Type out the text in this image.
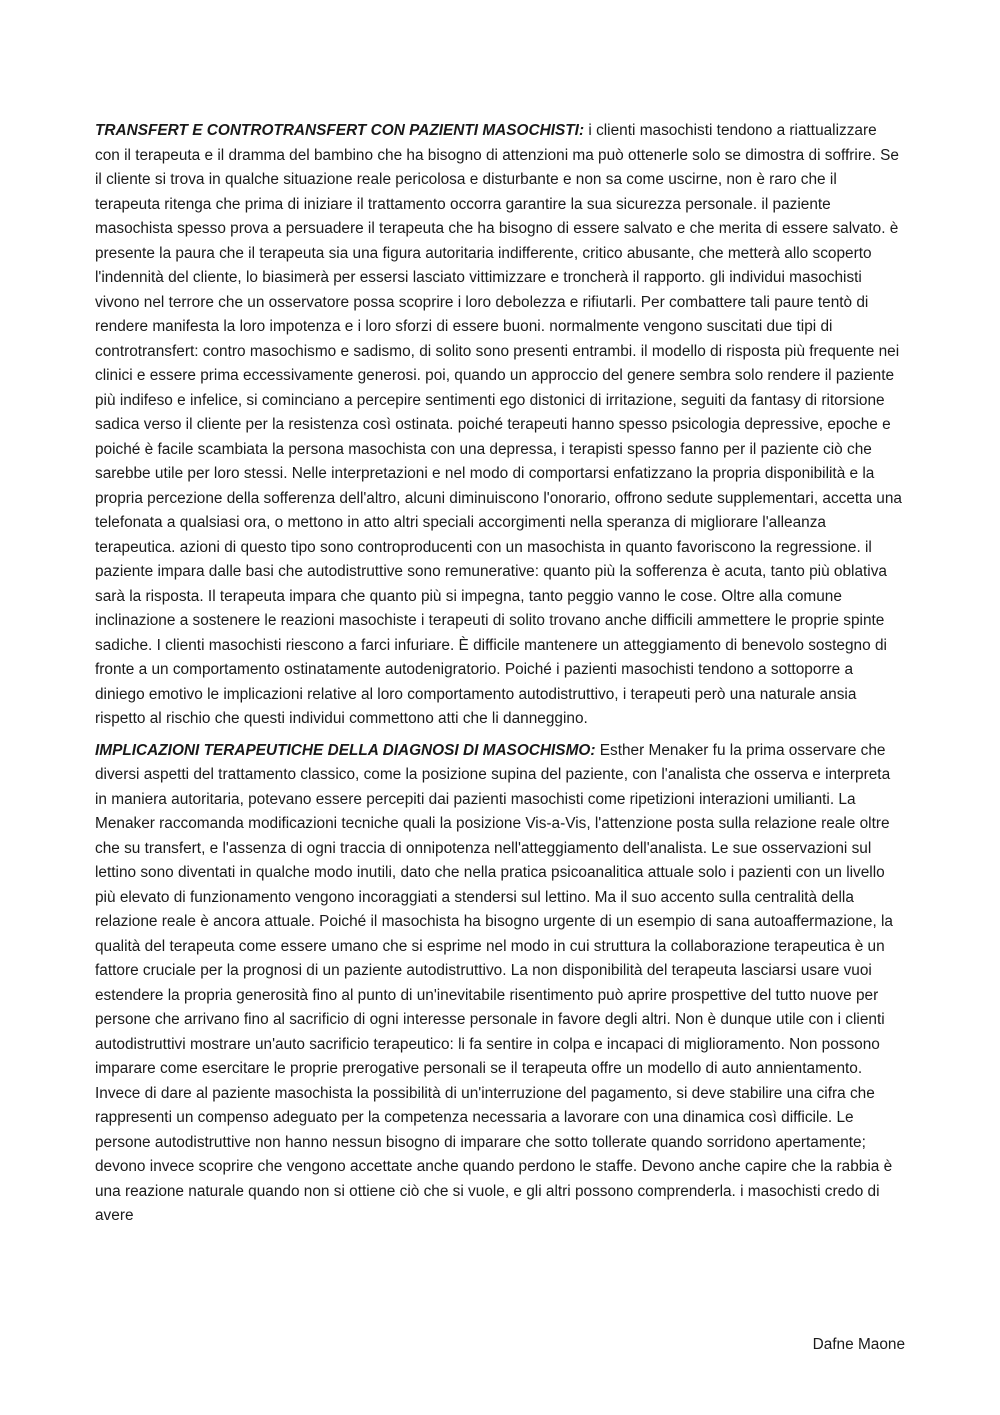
TRANSFERT E CONTROTRANSFERT CON PAZIENTI MASOCHISTI: i clienti masochisti tendono a riattualizzare con il terapeuta e il dramma del bambino che ha bisogno di attenzioni ma può ottenerle solo se dimostra di soffrire. Se il cliente si trova in qualche situazione reale pericolosa e disturbante e non sa come uscirne, non è raro che il terapeuta ritenga che prima di iniziare il trattamento occorra garantire la sua sicurezza personale. il paziente masochista spesso prova a persuadere il terapeuta che ha bisogno di essere salvato e che merita di essere salvato. è presente la paura che il terapeuta sia una figura autoritaria indifferente, critico abusante, che metterà allo scoperto l'indennità del cliente, lo biasimerà per essersi lasciato vittimizzare e troncherà il rapporto. gli individui masochisti vivono nel terrore che un osservatore possa scoprire i loro debolezza e rifiutarli. Per combattere tali paure tentò di rendere manifesta la loro impotenza e i loro sforzi di essere buoni. normalmente vengono suscitati due tipi di controtransfert: contro masochismo e sadismo, di solito sono presenti entrambi. il modello di risposta più frequente nei clinici e essere prima eccessivamente generosi. poi, quando un approccio del genere sembra solo rendere il paziente più indifeso e infelice, si cominciano a percepire sentimenti ego distonici di irritazione, seguiti da fantasy di ritorsione sadica verso il cliente per la resistenza così ostinata. poiché terapeuti hanno spesso psicologia depressive, epoche e poiché è facile scambiata la persona masochista con una depressa, i terapisti spesso fanno per il paziente ciò che sarebbe utile per loro stessi. Nelle interpretazioni e nel modo di comportarsi enfatizzano la propria disponibilità e la propria percezione della sofferenza dell'altro, alcuni diminuiscono l'onorario, offrono sedute supplementari, accetta una telefonata a qualsiasi ora, o mettono in atto altri speciali accorgimenti nella speranza di migliorare l'alleanza terapeutica. azioni di questo tipo sono controproducenti con un masochista in quanto favoriscono la regressione. il paziente impara dalle basi che autodistruttive sono remunerative: quanto più la sofferenza è acuta, tanto più oblativa sarà la risposta. Il terapeuta impara che quanto più si impegna, tanto peggio vanno le cose. Oltre alla comune inclinazione a sostenere le reazioni masochiste i terapeuti di solito trovano anche difficili ammettere le proprie spinte sadiche. I clienti masochisti riescono a farci infuriare. È difficile mantenere un atteggiamento di benevolo sostegno di fronte a un comportamento ostinatamente autodenigratorio. Poiché i pazienti masochisti tendono a sottoporre a diniego emotivo le implicazioni relative al loro comportamento autodistruttivo, i terapeuti però una naturale ansia rispetto al rischio che questi individui commettono atti che li danneggino.

IMPLICAZIONI TERAPEUTICHE DELLA DIAGNOSI DI MASOCHISMO: Esther Menaker fu la prima osservare che diversi aspetti del trattamento classico, come la posizione supina del paziente, con l'analista che osserva e interpreta in maniera autoritaria, potevano essere percepiti dai pazienti masochisti come ripetizioni interazioni umilianti. La Menaker raccomanda modificazioni tecniche quali la posizione Vis-a-Vis, l'attenzione posta sulla relazione reale oltre che su transfert, e l'assenza di ogni traccia di onnipotenza nell'atteggiamento dell'analista. Le sue osservazioni sul lettino sono diventati in qualche modo inutili, dato che nella pratica psicoanalitica attuale solo i pazienti con un livello più elevato di funzionamento vengono incoraggiati a stendersi sul lettino. Ma il suo accento sulla centralità della relazione reale è ancora attuale. Poiché il masochista ha bisogno urgente di un esempio di sana autoaffermazione, la qualità del terapeuta come essere umano che si esprime nel modo in cui struttura la collaborazione terapeutica è un fattore cruciale per la prognosi di un paziente autodistruttivo. La non disponibilità del terapeuta lasciarsi usare vuoi estendere la propria generosità fino al punto di un'inevitabile risentimento può aprire prospettive del tutto nuove per persone che arrivano fino al sacrificio di ogni interesse personale in favore degli altri. Non è dunque utile con i clienti autodistruttivi mostrare un'auto sacrificio terapeutico: li fa sentire in colpa e incapaci di miglioramento. Non possono imparare come esercitare le proprie prerogative personali se il terapeuta offre un modello di auto annientamento. Invece di dare al paziente masochista la possibilità di un'interruzione del pagamento, si deve stabilire una cifra che rappresenti un compenso adeguato per la competenza necessaria a lavorare con una dinamica così difficile. Le persone autodistruttive non hanno nessun bisogno di imparare che sotto tollerate quando sorridono apertamente; devono invece scoprire che vengono accettate anche quando perdono le staffe. Devono anche capire che la rabbia è una reazione naturale quando non si ottiene ciò che si vuole, e gli altri possono comprenderla. i masochisti credo di avere

Dafne Maone
